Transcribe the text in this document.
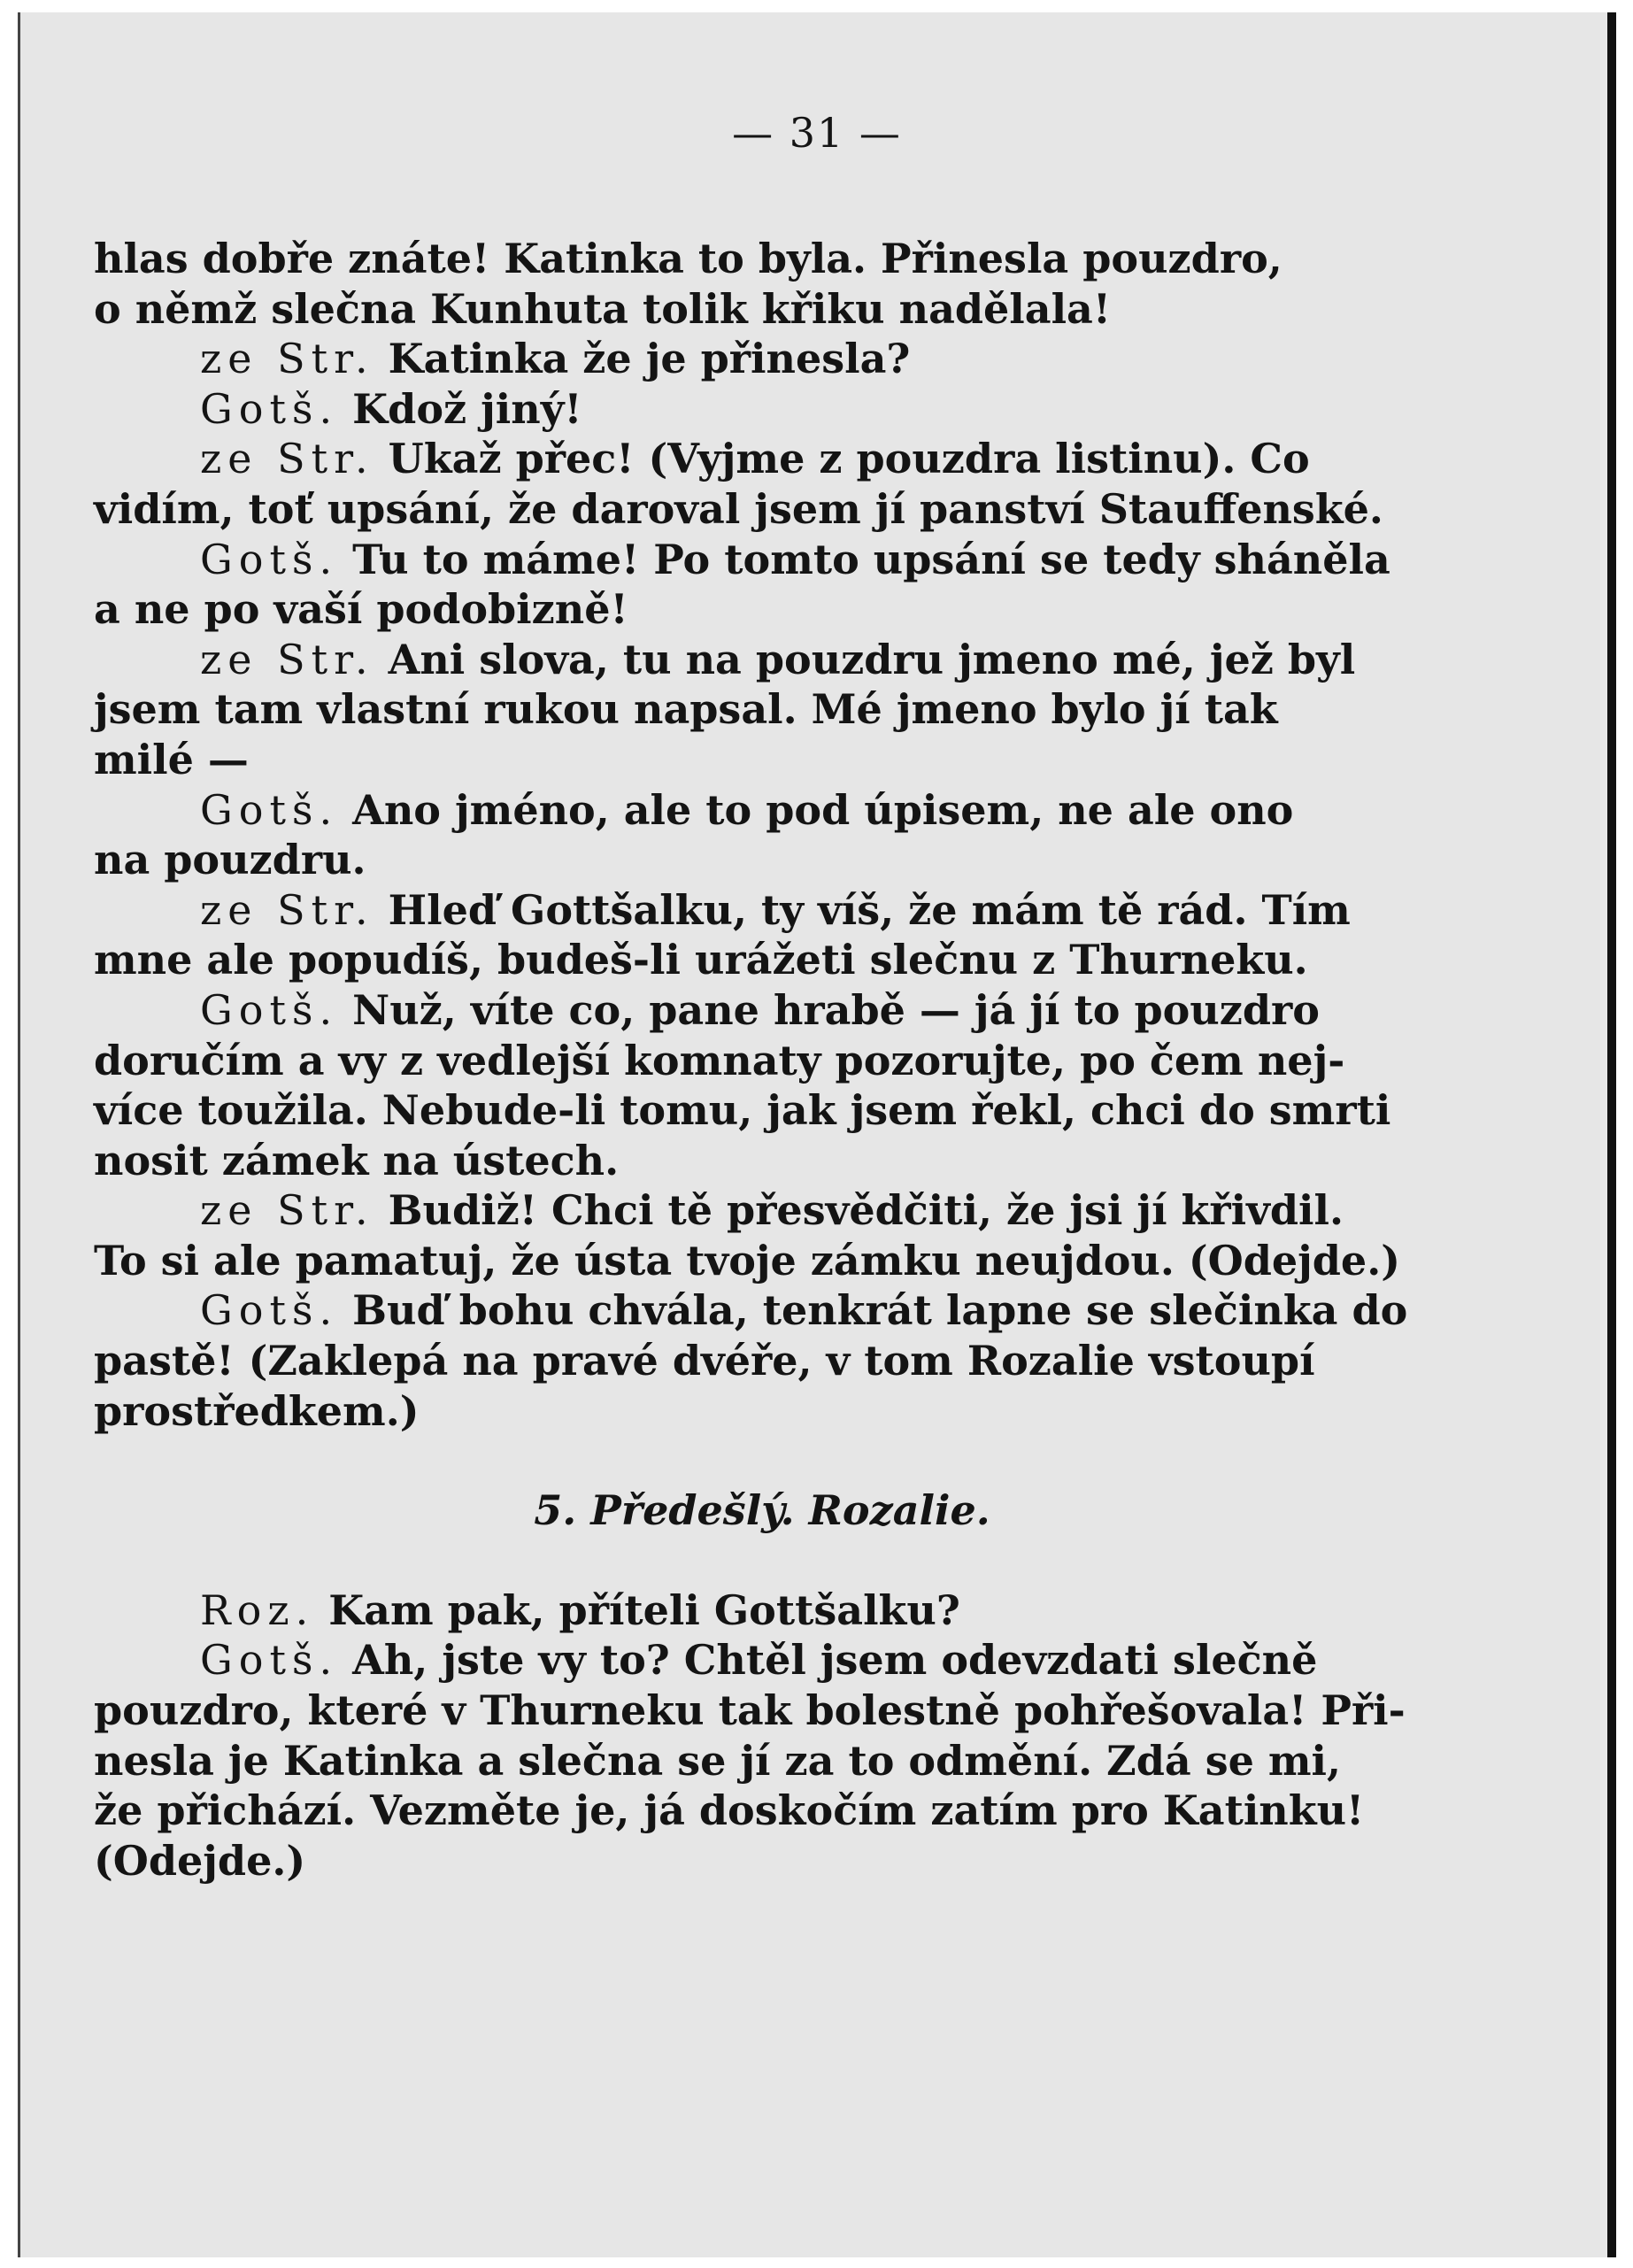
— 31 —
hlas dobře znáte! Katinka to byla. Přinesla pouzdro,
o němž slečna Kunhuta tolik křiku nadělala!
ze Str. Katinka že je přinesla?
Gotš. Kdož jiný!
ze Str. Ukaž přec! (Vyjme z pouzdra listinu). Co
vidím, toť upsání, že daroval jsem jí panství Stauffenské.
Gotš. Tu to máme! Po tomto upsání se tedy sháněla
a ne po vaší podobizně!
ze Str. Ani slova, tu na pouzdru jmeno mé, jež byl
jsem tam vlastní rukou napsal. Mé jmeno bylo jí tak
milé —
Gotš. Ano jméno, ale to pod úpisem, ne ale ono
na pouzdru.
ze Str. Hleď Gottšalku, ty víš, že mám tě rád. Tím
mne ale popudíš, budeš-li urážeti slečnu z Thurneku.
Gotš. Nuž, víte co, pane hrabě — já jí to pouzdro
doručím a vy z vedlejší komnaty pozorujte, po čem nej-
více toužila. Nebude-li tomu, jak jsem řekl, chci do smrti
nosit zámek na ústech.
ze Str. Budiž! Chci tě přesvědčiti, že jsi jí křivdil.
To si ale pamatuj, že ústa tvoje zámku neujdou. (Odejde.)
Gotš. Buď bohu chvála, tenkrát lapne se slečinka do
pastě! (Zaklepá na pravé dvéře, v tom Rozalie vstoupí
prostředkem.)
5. Předešlý. Rozalie.
Roz. Kam pak, příteli Gottšalku?
Gotš. Ah, jste vy to? Chtěl jsem odevzdati slečně
pouzdro, které v Thurneku tak bolestně pohřešovala! Při-
nesla je Katinka a slečna se jí za to odmění. Zdá se mi,
že přichází. Vezměte je, já doskočím zatím pro Katinku!
(Odejde.)
